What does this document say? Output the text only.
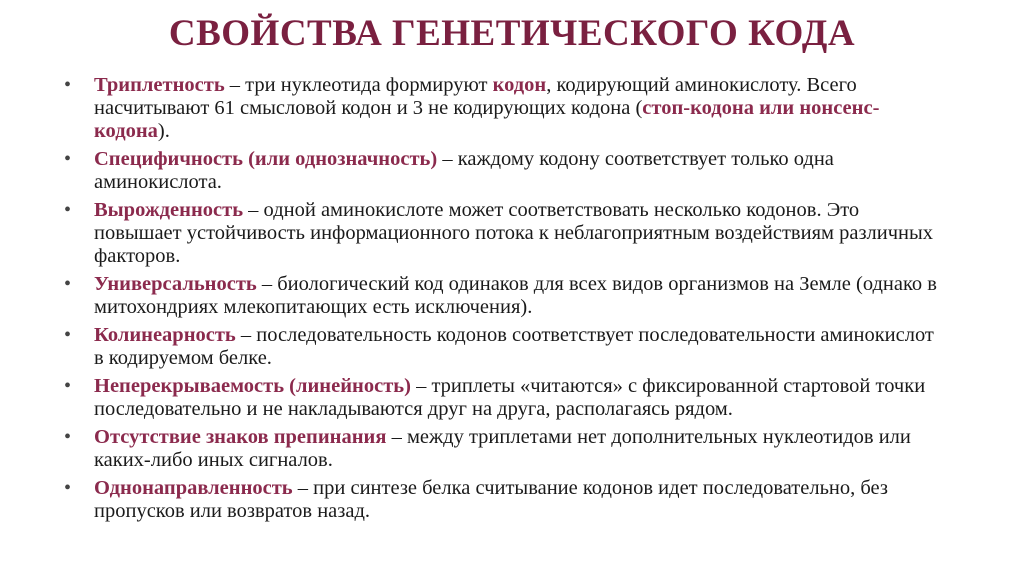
СВОЙСТВА ГЕНЕТИЧЕСКОГО КОДА
• Триплетность – три нуклеотида формируют кодон, кодирующий аминокислоту. Всего насчитывают 61 смысловой кодон и 3 не кодирующих кодона (стоп-кодона или нонсенс-кодона).
• Специфичность (или однозначность) – каждому кодону соответствует только одна аминокислота.
• Вырожденность – одной аминокислоте может соответствовать несколько кодонов. Это повышает устойчивость информационного потока к неблагоприятным воздействиям различных факторов.
• Универсальность – биологический код одинаков для всех видов организмов на Земле (однако в митохондриях млекопитающих есть исключения).
• Колинеарность – последовательность кодонов соответствует последовательности аминокислот в кодируемом белке.
• Неперекрываемость (линейность) – триплеты «читаются» с фиксированной стартовой точки последовательно и не накладываются друг на друга, располагаясь рядом.
• Отсутствие знаков препинания – между триплетами нет дополнительных нуклеотидов или каких-либо иных сигналов.
• Однонаправленность – при синтезе белка считывание кодонов идет последовательно, без пропусков или возвратов назад.
